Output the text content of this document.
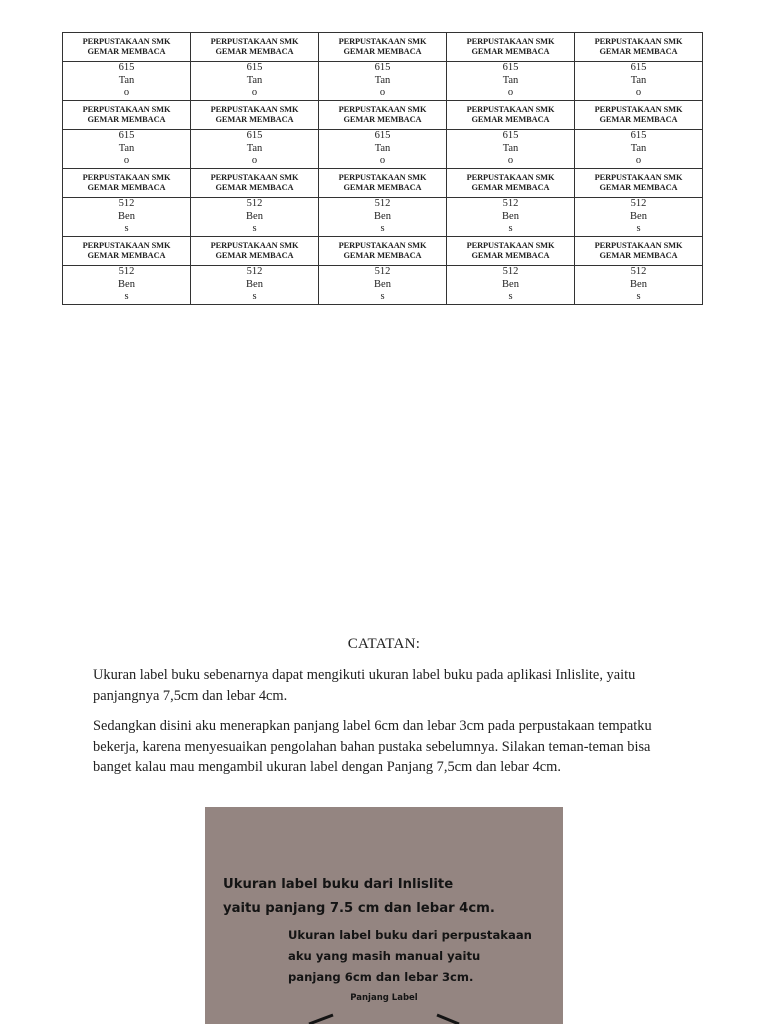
PERPUSTAKAAN SMK
GEMAR MEMBACA	PERPUSTAKAAN SMK
GEMAR MEMBACA	PERPUSTAKAAN SMK
GEMAR MEMBACA	PERPUSTAKAAN SMK
GEMAR MEMBACA	PERPUSTAKAAN SMK
GEMAR MEMBACA

615
Tan
o	615
Tan
o	615
Tan
o	615
Tan
o	615
Tan
o

PERPUSTAKAAN SMK
GEMAR MEMBACA	PERPUSTAKAAN SMK
GEMAR MEMBACA	PERPUSTAKAAN SMK
GEMAR MEMBACA	PERPUSTAKAAN SMK
GEMAR MEMBACA	PERPUSTAKAAN SMK
GEMAR MEMBACA

615
Tan
o	615
Tan
o	615
Tan
o	615
Tan
o	615
Tan
o

PERPUSTAKAAN SMK
GEMAR MEMBACA	PERPUSTAKAAN SMK
GEMAR MEMBACA	PERPUSTAKAAN SMK
GEMAR MEMBACA	PERPUSTAKAAN SMK
GEMAR MEMBACA	PERPUSTAKAAN SMK
GEMAR MEMBACA

512
Ben
s	512
Ben
s	512
Ben
s	512
Ben
s	512
Ben
s

PERPUSTAKAAN SMK
GEMAR MEMBACA	PERPUSTAKAAN SMK
GEMAR MEMBACA	PERPUSTAKAAN SMK
GEMAR MEMBACA	PERPUSTAKAAN SMK
GEMAR MEMBACA	PERPUSTAKAAN SMK
GEMAR MEMBACA

512
Ben
s	512
Ben
s	512
Ben
s	512
Ben
s	512
Ben
s
CATATAN:

Ukuran label buku sebenarnya dapat mengikuti ukuran label buku pada aplikasi Inlislite, yaitu panjangnya 7,5cm dan lebar 4cm.

Sedangkan disini aku menerapkan panjang label 6cm dan lebar 3cm pada perpustakaan tempatku bekerja, karena menyesuaikan pengolahan bahan pustaka sebelumnya. Silakan teman-teman bisa banget kalau mau mengambil ukuran label dengan Panjang 7,5cm dan lebar 4cm.

Ukuran label buku dari Inlislite
yaitu panjang 7.5 cm dan lebar 4cm.
Ukuran label buku dari perpustakaan
aku yang masih manual yaitu
panjang 6cm dan lebar 3cm.
Panjang Label
